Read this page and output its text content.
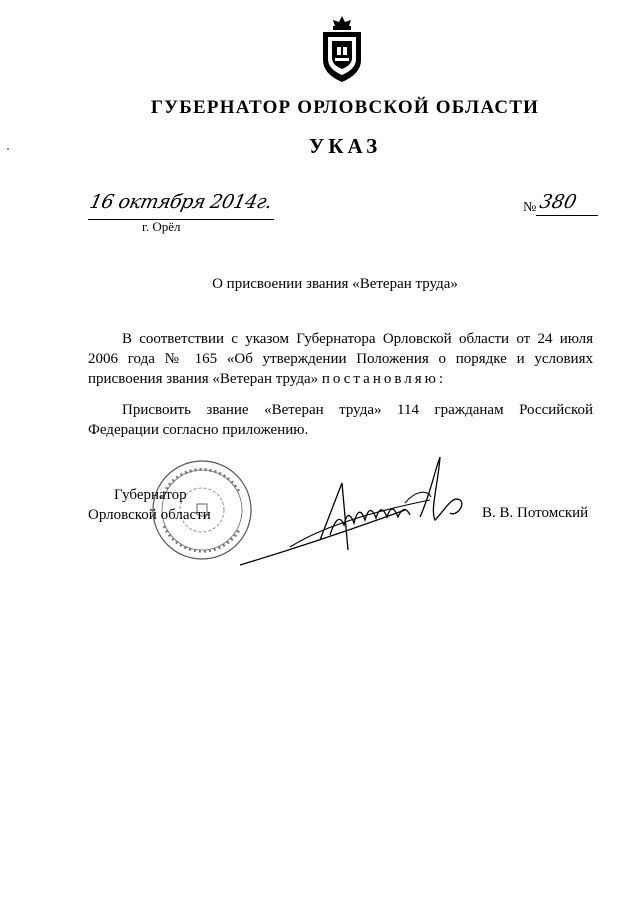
ГУБЕРНАТОР ОРЛОВСКОЙ ОБЛАСТИ
УКАЗ
16 октября 2014г.
г. Орёл
№ 380
О присвоении звания «Ветеран труда»
В соответствии с указом Губернатора Орловской области от 24 июля 2006 года № 165 «Об утверждении Положения о порядке и условиях присвоения звания «Ветеран труда» постановляю:
Присвоить звание «Ветеран труда» 114 гражданам Российской Федерации согласно приложению.
Губернатор
Орловской области	В. В. Потомский
